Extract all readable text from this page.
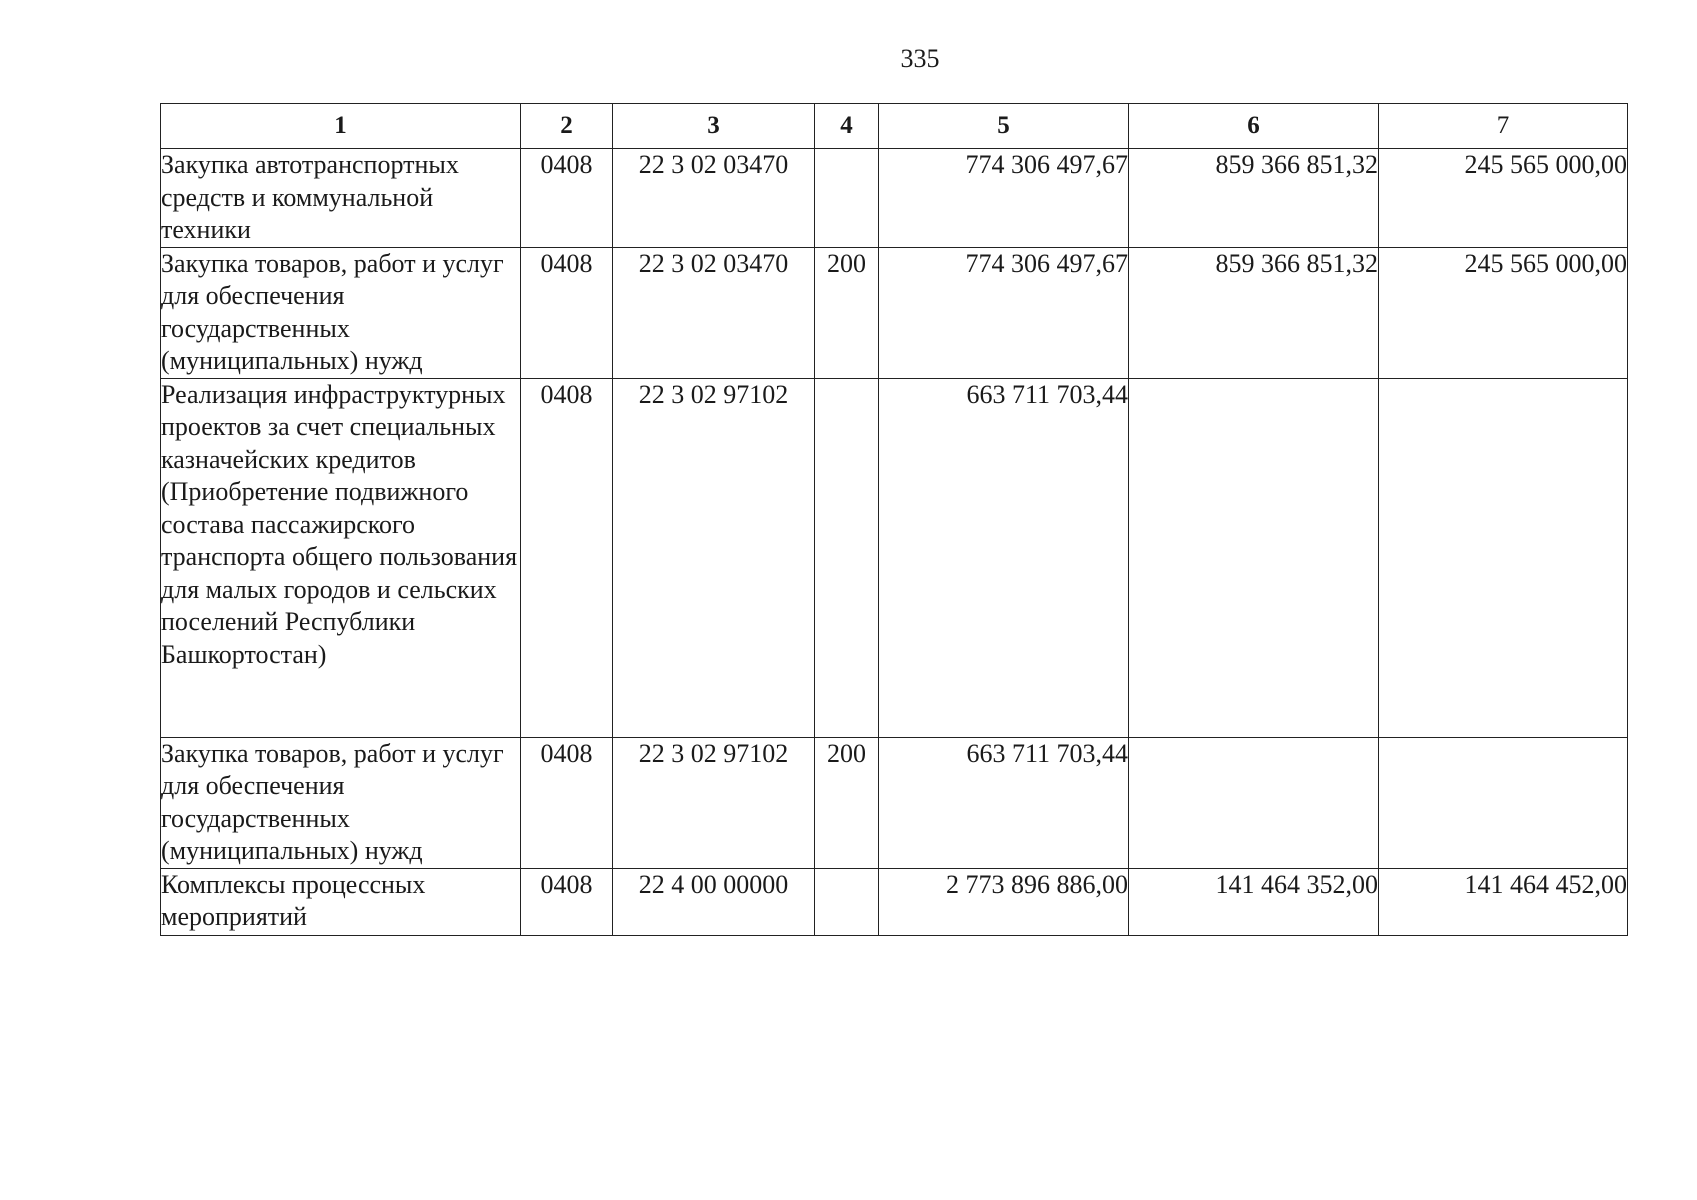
335
1	2	3	4	5	6	7
Закупка автотранспортных средств и коммунальной техники	0408	22 3 02 03470		774 306 497,67	859 366 851,32	245 565 000,00
Закупка товаров, работ и услуг для обеспечения государственных (муниципальных) нужд	0408	22 3 02 03470	200	774 306 497,67	859 366 851,32	245 565 000,00
Реализация инфраструктурных проектов за счет специальных казначейских кредитов (Приобретение подвижного состава пассажирского транспорта общего пользования для малых городов и сельских поселений Республики Башкортостан)	0408	22 3 02 97102		663 711 703,44		
Закупка товаров, работ и услуг для обеспечения государственных (муниципальных) нужд	0408	22 3 02 97102	200	663 711 703,44		
Комплексы процессных мероприятий	0408	22 4 00 00000		2 773 896 886,00	141 464 352,00	141 464 452,00
